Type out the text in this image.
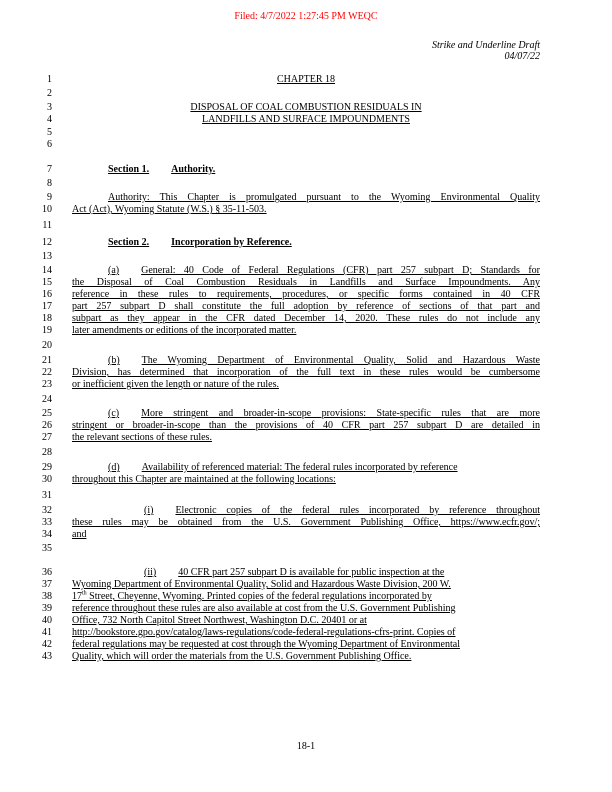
Filed: 4/7/2022 1:27:45 PM WEQC
Strike and Underline Draft
04/07/22
1
2
3
4
5
6
7
8
9
10
11
12
13
14
15
16
17
18
19
20
21
22
23
24
25
26
27
28
29
30
31
32
33
34
35
36
37
38
39
40
41
42
43
CHAPTER 18
DISPOSAL OF COAL COMBUSTION RESIDUALS IN
LANDFILLS AND SURFACE IMPOUNDMENTS
Section 1. Authority.
Authority: This Chapter is promulgated pursuant to the Wyoming Environmental Quality
Act (Act), Wyoming Statute (W.S.) § 35-11-503.
Section 2. Incorporation by Reference.
(a) General: 40 Code of Federal Regulations (CFR) part 257 subpart D; Standards for
the Disposal of Coal Combustion Residuals in Landfills and Surface Impoundments. Any
reference in these rules to requirements, procedures, or specific forms contained in 40 CFR
part 257 subpart D shall constitute the full adoption by reference of sections of that part and
subpart as they appear in the CFR dated December 14, 2020. These rules do not include any
later amendments or editions of the incorporated matter.
(b) The Wyoming Department of Environmental Quality, Solid and Hazardous Waste
Division, has determined that incorporation of the full text in these rules would be cumbersome
or inefficient given the length or nature of the rules.
(c) More stringent and broader-in-scope provisions: State-specific rules that are more
stringent or broader-in-scope than the provisions of 40 CFR part 257 subpart D are detailed in
the relevant sections of these rules.
(d) Availability of referenced material: The federal rules incorporated by reference
throughout this Chapter are maintained at the following locations:
(i) Electronic copies of the federal rules incorporated by reference throughout
these rules may be obtained from the U.S. Government Publishing Office, https://www.ecfr.gov/;
and
(ii) 40 CFR part 257 subpart D is available for public inspection at the
Wyoming Department of Environmental Quality, Solid and Hazardous Waste Division, 200 W.
17th Street, Cheyenne, Wyoming. Printed copies of the federal regulations incorporated by
reference throughout these rules are also available at cost from the U.S. Government Publishing
Office, 732 North Capitol Street Northwest, Washington D.C. 20401 or at
http://bookstore.gpo.gov/catalog/laws-regulations/code-federal-regulations-cfrs-print. Copies of
federal regulations may be requested at cost through the Wyoming Department of Environmental
Quality, which will order the materials from the U.S. Government Publishing Office.
18-1
